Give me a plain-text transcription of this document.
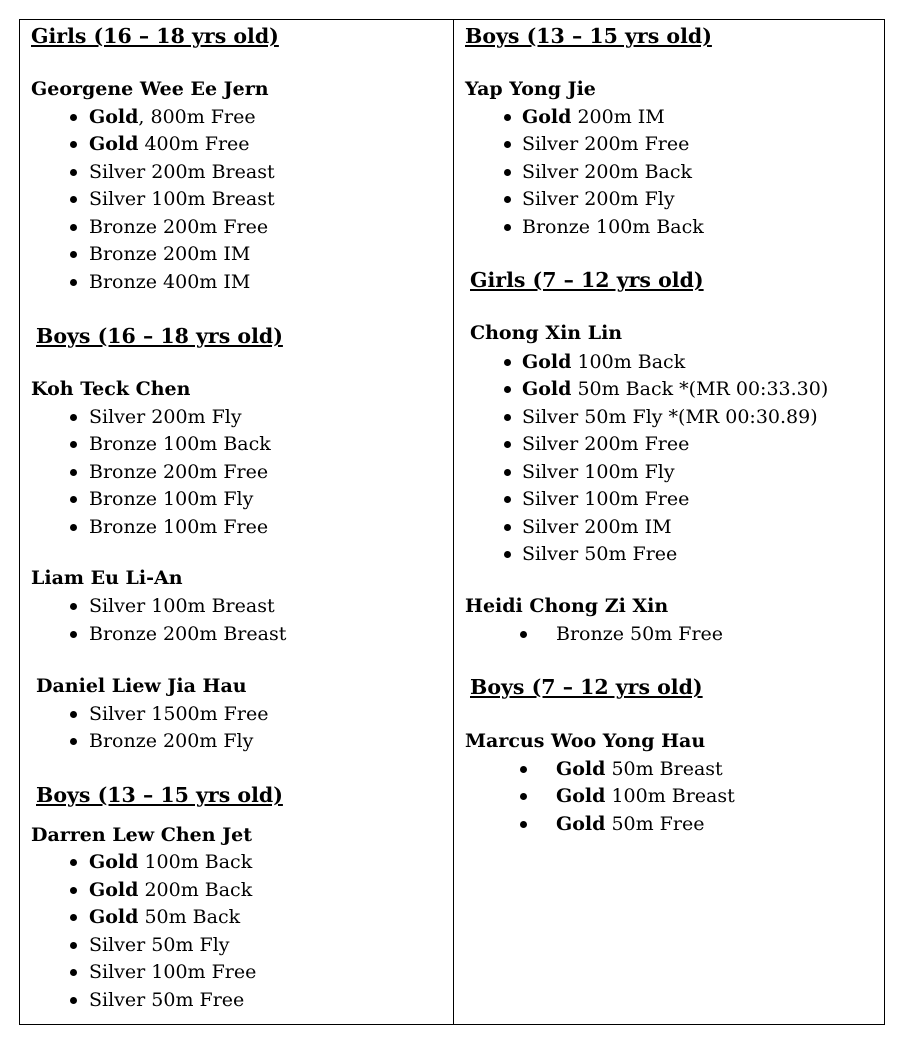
Girls (16 – 18 yrs old)
Georgene Wee Ee Jern
Gold, 800m Free
Gold 400m Free
Silver 200m Breast
Silver 100m Breast
Bronze 200m Free
Bronze 200m IM
Bronze 400m IM
Boys (16 – 18 yrs old)
Koh Teck Chen
Silver 200m Fly
Bronze 100m Back
Bronze 200m Free
Bronze 100m Fly
Bronze 100m Free
Liam Eu Li-An
Silver 100m Breast
Bronze 200m Breast
Daniel Liew Jia Hau
Silver 1500m Free
Bronze 200m Fly
Boys (13 – 15 yrs old)
Darren Lew Chen Jet
Gold 100m Back
Gold 200m Back
Gold 50m Back
Silver 50m Fly
Silver 100m Free
Silver 50m Free
Boys (13 – 15 yrs old)
Yap Yong Jie
Gold 200m IM
Silver 200m Free
Silver 200m Back
Silver 200m Fly
Bronze 100m Back
Girls (7 – 12 yrs old)
Chong Xin Lin
Gold 100m Back
Gold 50m Back *(MR 00:33.30)
Silver 50m Fly *(MR 00:30.89)
Silver 200m Free
Silver 100m Fly
Silver 100m Free
Silver 200m IM
Silver 50m Free
Heidi Chong Zi Xin
Bronze 50m Free
Boys (7 – 12 yrs old)
Marcus Woo Yong Hau
Gold 50m Breast
Gold 100m Breast
Gold 50m Free
